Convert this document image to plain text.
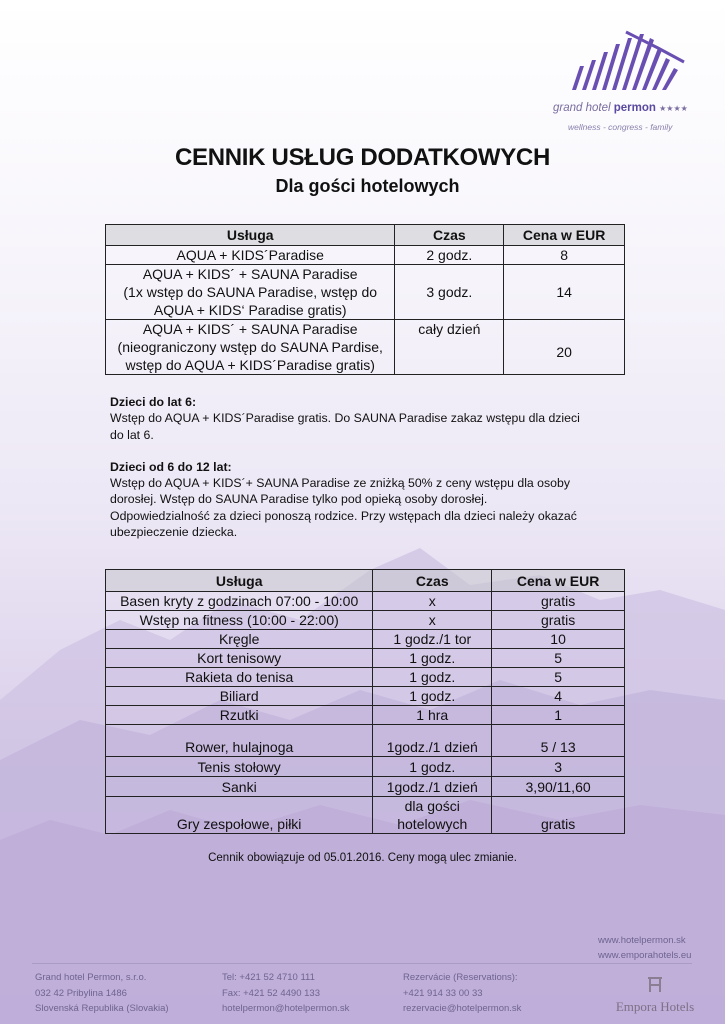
grand hotel permon ★★★★
wellness - congress - family
CENNIK USŁUG DODATKOWYCH
Dla gości hotelowych
Usługa	Czas	Cena w EUR
AQUA + KIDS´Paradise	2 godz.	8

AQUA + KIDS´ + SAUNA Paradise
(1x wstęp do SAUNA Paradise, wstęp do
AQUA + KIDS‘ Paradise gratis)	3 godz.	14

AQUA + KIDS´ + SAUNA Paradise
(nieograniczony wstęp do SAUNA Pardise,
wstęp do AQUA + KIDS´Paradise gratis)	cały dzień	20

Dzieci do lat 6:

Wstęp do AQUA + KIDS´Paradise gratis. Do SAUNA Paradise zakaz wstępu dla dzieci

do lat 6.

Dzieci od 6 do 12 lat:

Wstęp do AQUA + KIDS´+ SAUNA Paradise ze zniżką 50% z ceny wstępu dla osoby

dorosłej. Wstęp do SAUNA Paradise tylko pod opieką osoby dorosłej.

Odpowiedzialność za dzieci ponoszą rodzice. Przy wstępach dla dzieci należy okazać

ubezpieczenie dziecka.

Usługa	Czas	Cena w EUR
Basen kryty z godzinach 07:00 - 10:00	x	gratis
Wstęp na fitness (10:00 - 22:00)	x	gratis
Kręgle	1 godz./1 tor	10
Kort tenisowy	1 godz.	5
Rakieta do tenisa	1 godz.	5
Biliard	1 godz.	4
Rzutki	1 hra	1
Rower, hulajnoga	1godz./1 dzień	5 / 13
Tenis stołowy	1 godz.	3
Sanki	1godz./1 dzień	3,90/11,60
Gry zespołowe, piłki	dla gości
hotelowych	gratis
Cennik obowiązuje od 05.01.2016. Ceny mogą ulec zmianie.
www.hotelpermon.sk
www.emporahotels.eu
Grand hotel Permon, s.r.o.
032 42 Pribylina 1486
Slovenská Republika (Slovakia)
Tel: +421 52 4710 111
Fax: +421 52 4490 133
hotelpermon@hotelpermon.sk
Rezervácie (Reservations):
+421 914 33 00 33
rezervacie@hotelpermon.sk	Empora Hotels
